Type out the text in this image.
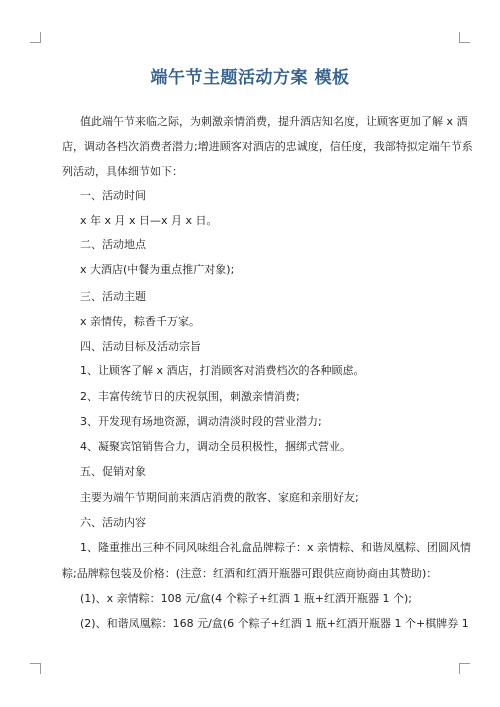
端午节主题活动方案 模板

值此端午节来临之际，为刺激亲情消费，提升酒店知名度，让顾客更加了解 x 酒

店，调动各档次消费者潜力;增进顾客对酒店的忠诚度，信任度，我部特拟定端午节系

列活动，具体细节如下：

一、活动时间

x 年 x 月 x 日—x 月 x 日。

二、活动地点

x 大酒店(中餐为重点推广对象);

三、活动主题

x 亲情传，粽香千万家。

四、活动目标及活动宗旨

1、让顾客了解 x 酒店，打消顾客对消费档次的各种顾虑。

2、丰富传统节日的庆祝氛围，刺激亲情消费;

3、开发现有场地资源，调动清淡时段的营业潜力;

4、凝聚宾馆销售合力，调动全员积极性，捆绑式营业。

五、促销对象

主要为端午节期间前来酒店消费的散客、家庭和亲朋好友;

六、活动内容

1、隆重推出三种不同风味组合礼盒品牌粽子：x 亲情粽、和谐凤凰粽、团圆风情

粽;品牌粽包装及价格：(注意：红酒和红酒开瓶器可跟供应商协商由其赞助)：

(1)、x 亲情粽：108 元/盒(4 个粽子+红酒 1 瓶+红酒开瓶器 1 个);

(2)、和谐凤凰粽：168 元/盒(6 个粽子+红酒 1 瓶+红酒开瓶器 1 个+棋牌券 1
